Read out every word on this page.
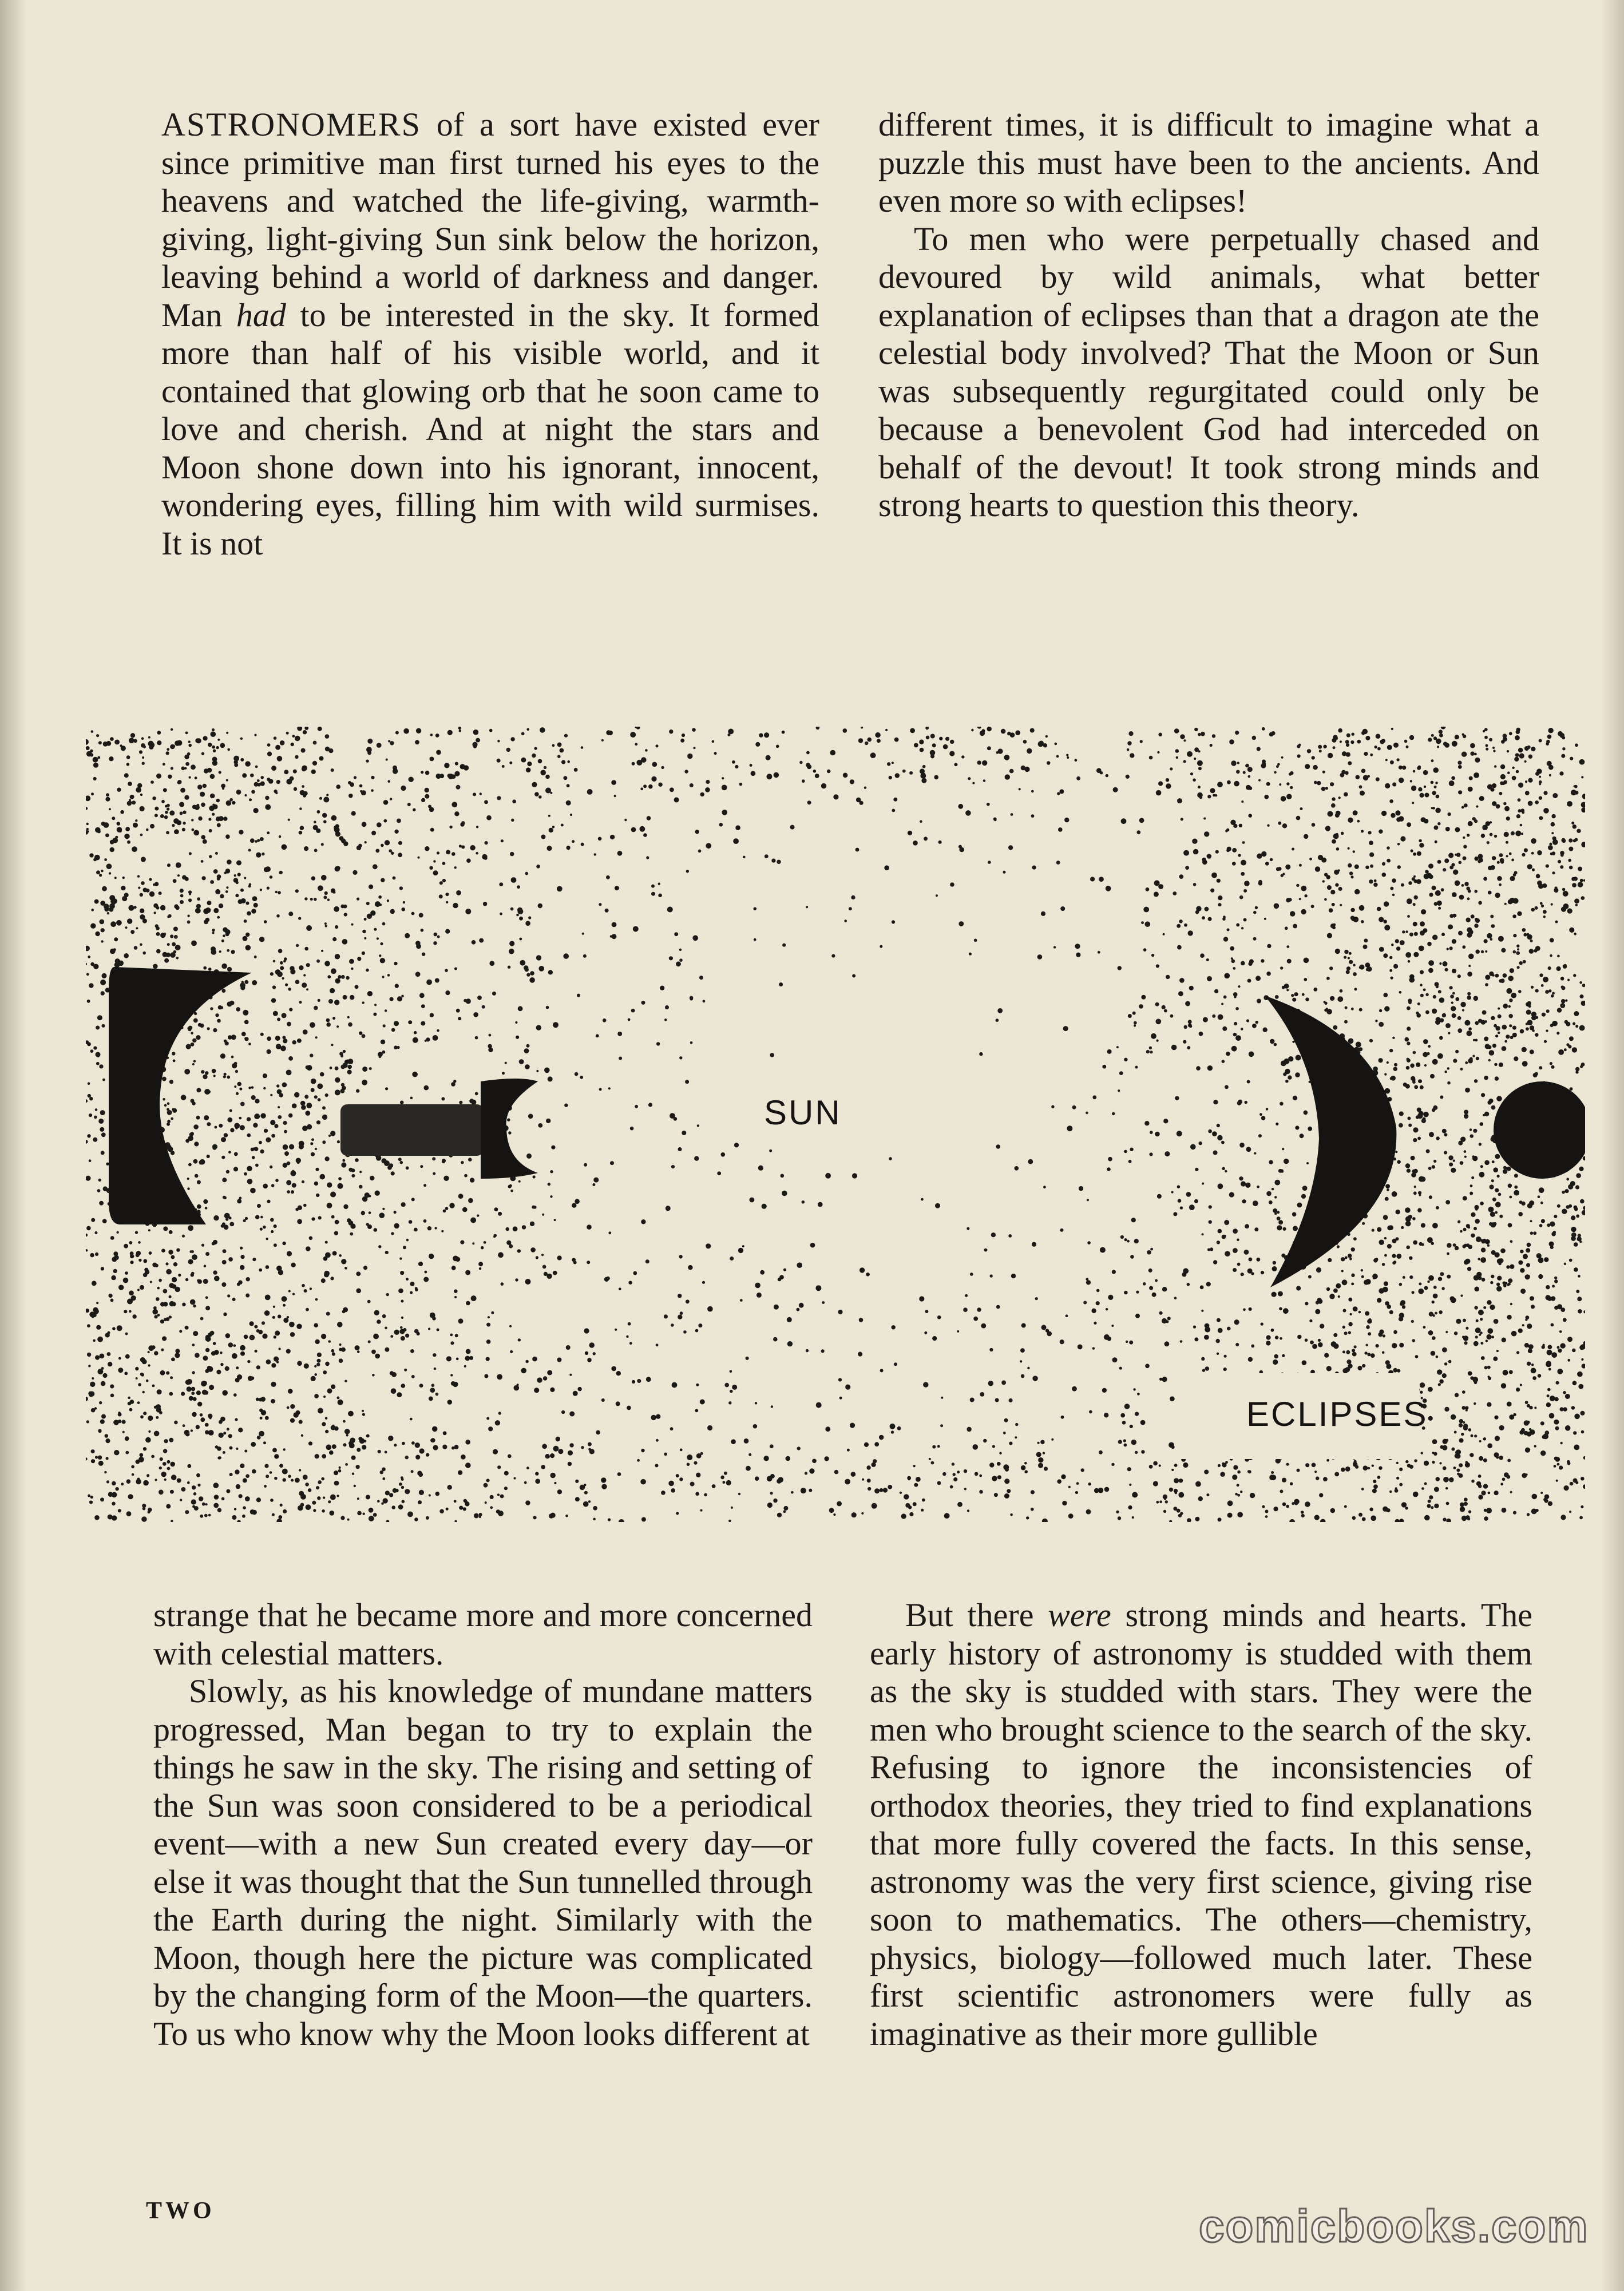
ASTRONOMERS of a sort have existed ever since primitive man first turned his eyes to the heavens and watched the life-giving, warmth-giving, light-giving Sun sink below the horizon, leaving behind a world of darkness and danger. Man had to be interested in the sky. It formed more than half of his visible world, and it contained that glowing orb that he soon came to love and cherish. And at night the stars and Moon shone down into his ignorant, innocent, wondering eyes, filling him with wild surmises. It is not

different times, it is difficult to imagine what a puzzle this must have been to the ancients. And even more so with eclipses!

To men who were perpetually chased and devoured by wild animals, what better explanation of eclipses than that a dragon ate the celestial body involved? That the Moon or Sun was subsequently regurgitated could only be because a benevolent God had interceded on behalf of the devout! It took strong minds and strong hearts to question this theory.

SUN
ECLIPSES

strange that he became more and more concerned with celestial matters.

Slowly, as his knowledge of mundane matters progressed, Man began to try to explain the things he saw in the sky. The rising and setting of the Sun was soon considered to be a periodical event—with a new Sun created every day—or else it was thought that the Sun tunnelled through the Earth during the night. Similarly with the Moon, though here the picture was complicated by the changing form of the Moon—the quarters. To us who know why the Moon looks different at

But there were strong minds and hearts. The early history of astronomy is studded with them as the sky is studded with stars. They were the men who brought science to the search of the sky. Refusing to ignore the inconsistencies of orthodox theories, they tried to find explanations that more fully covered the facts. In this sense, astronomy was the very first science, giving rise soon to mathematics. The others—chemistry, physics, biology—followed much later. These first scientific astronomers were fully as imaginative as their more gullible

TWO	comicbooks.com
